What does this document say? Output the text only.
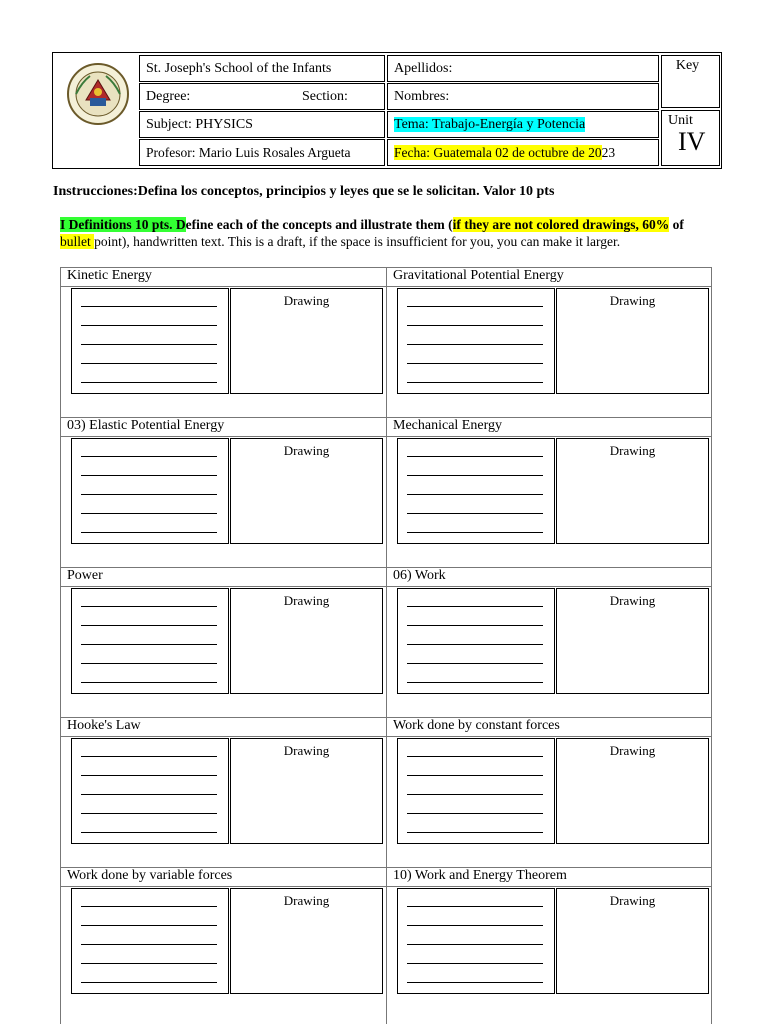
St. Joseph's School of the Infants
Degree:	Section:
Subject: PHYSICS
Profesor: Mario Luis Rosales Argueta
Apellidos:
Nombres:
Tema: Trabajo-Energía y Potencia
Fecha: Guatemala 02 de octubre de 2023
Key
Unit
IV
Instrucciones:Defina los conceptos, principios y leyes que se le solicitan. Valor 10 pts
I Definitions 10 pts. Define each of the concepts and illustrate them (if they are not colored drawings, 60% of
bullet point), handwritten text. This is a draft, if the space is insufficient for you, you can make it larger.
Kinetic Energy
Drawing
Gravitational Potential Energy
Drawing
03) Elastic Potential Energy
Drawing
Mechanical Energy
Drawing
Power
Drawing
06) Work
Drawing
Hooke's Law
Drawing
Work done by constant forces
Drawing
Work done by variable forces
Drawing
10) Work and Energy Theorem
Drawing
